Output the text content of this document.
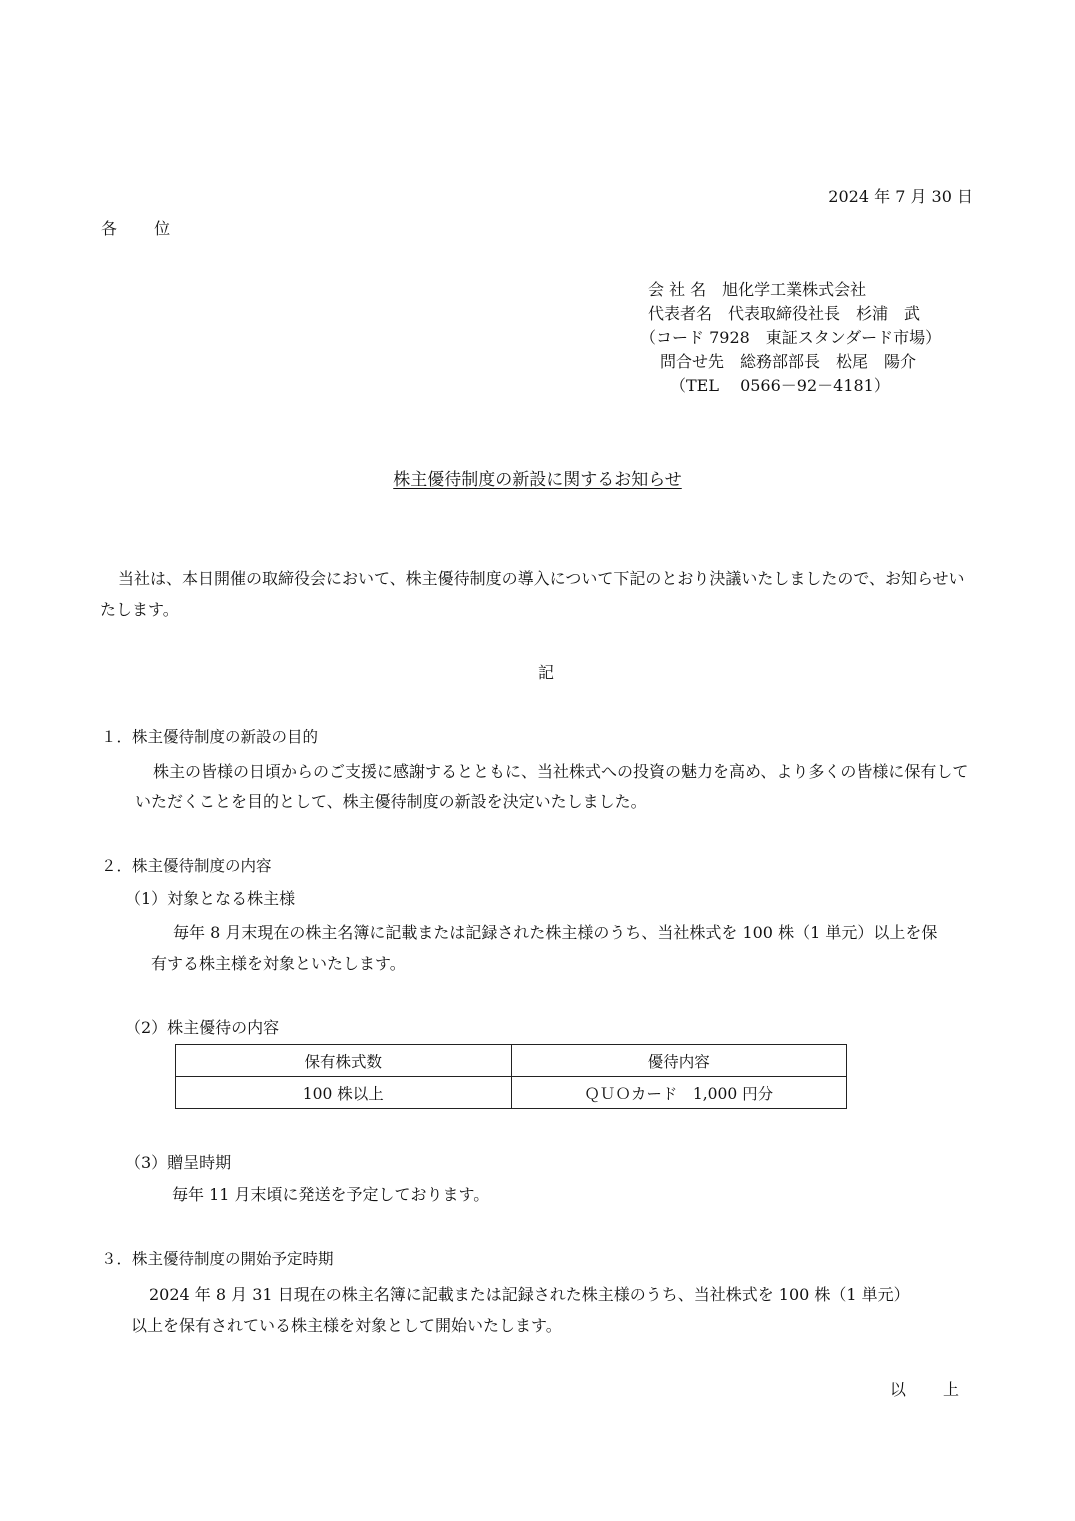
2024 年 7 月 30 日
各 位
会 社 名　旭化学工業株式会社
代表者名　代表取締役社長　杉浦　武
（コード 7928　東証スタンダード市場）
問合せ先　総務部部長　松尾　陽介
（TEL　 0566－92－4181）
株主優待制度の新設に関するお知らせ
当社は、本日開催の取締役会において、株主優待制度の導入について下記のとおり決議いたしましたので、お知らせいたします。
記
１．株主優待制度の新設の目的
株主の皆様の日頃からのご支援に感謝するとともに、当社株式への投資の魅力を高め、より多くの皆様に保有していただくことを目的として、株主優待制度の新設を決定いたしました。
２．株主優待制度の内容
（1）対象となる株主様
毎年 8 月末現在の株主名簿に記載または記録された株主様のうち、当社株式を 100 株（1 単元）以上を保有する株主様を対象といたします。
（2）株主優待の内容
保有株式数	優待内容
100 株以上	ＱＵＯカード　1,000 円分
（3）贈呈時期
毎年 11 月末頃に発送を予定しております。
３．株主優待制度の開始予定時期
2024 年 8 月 31 日現在の株主名簿に記載または記録された株主様のうち、当社株式を 100 株（1 単元）以上を保有されている株主様を対象として開始いたします。
以 上
